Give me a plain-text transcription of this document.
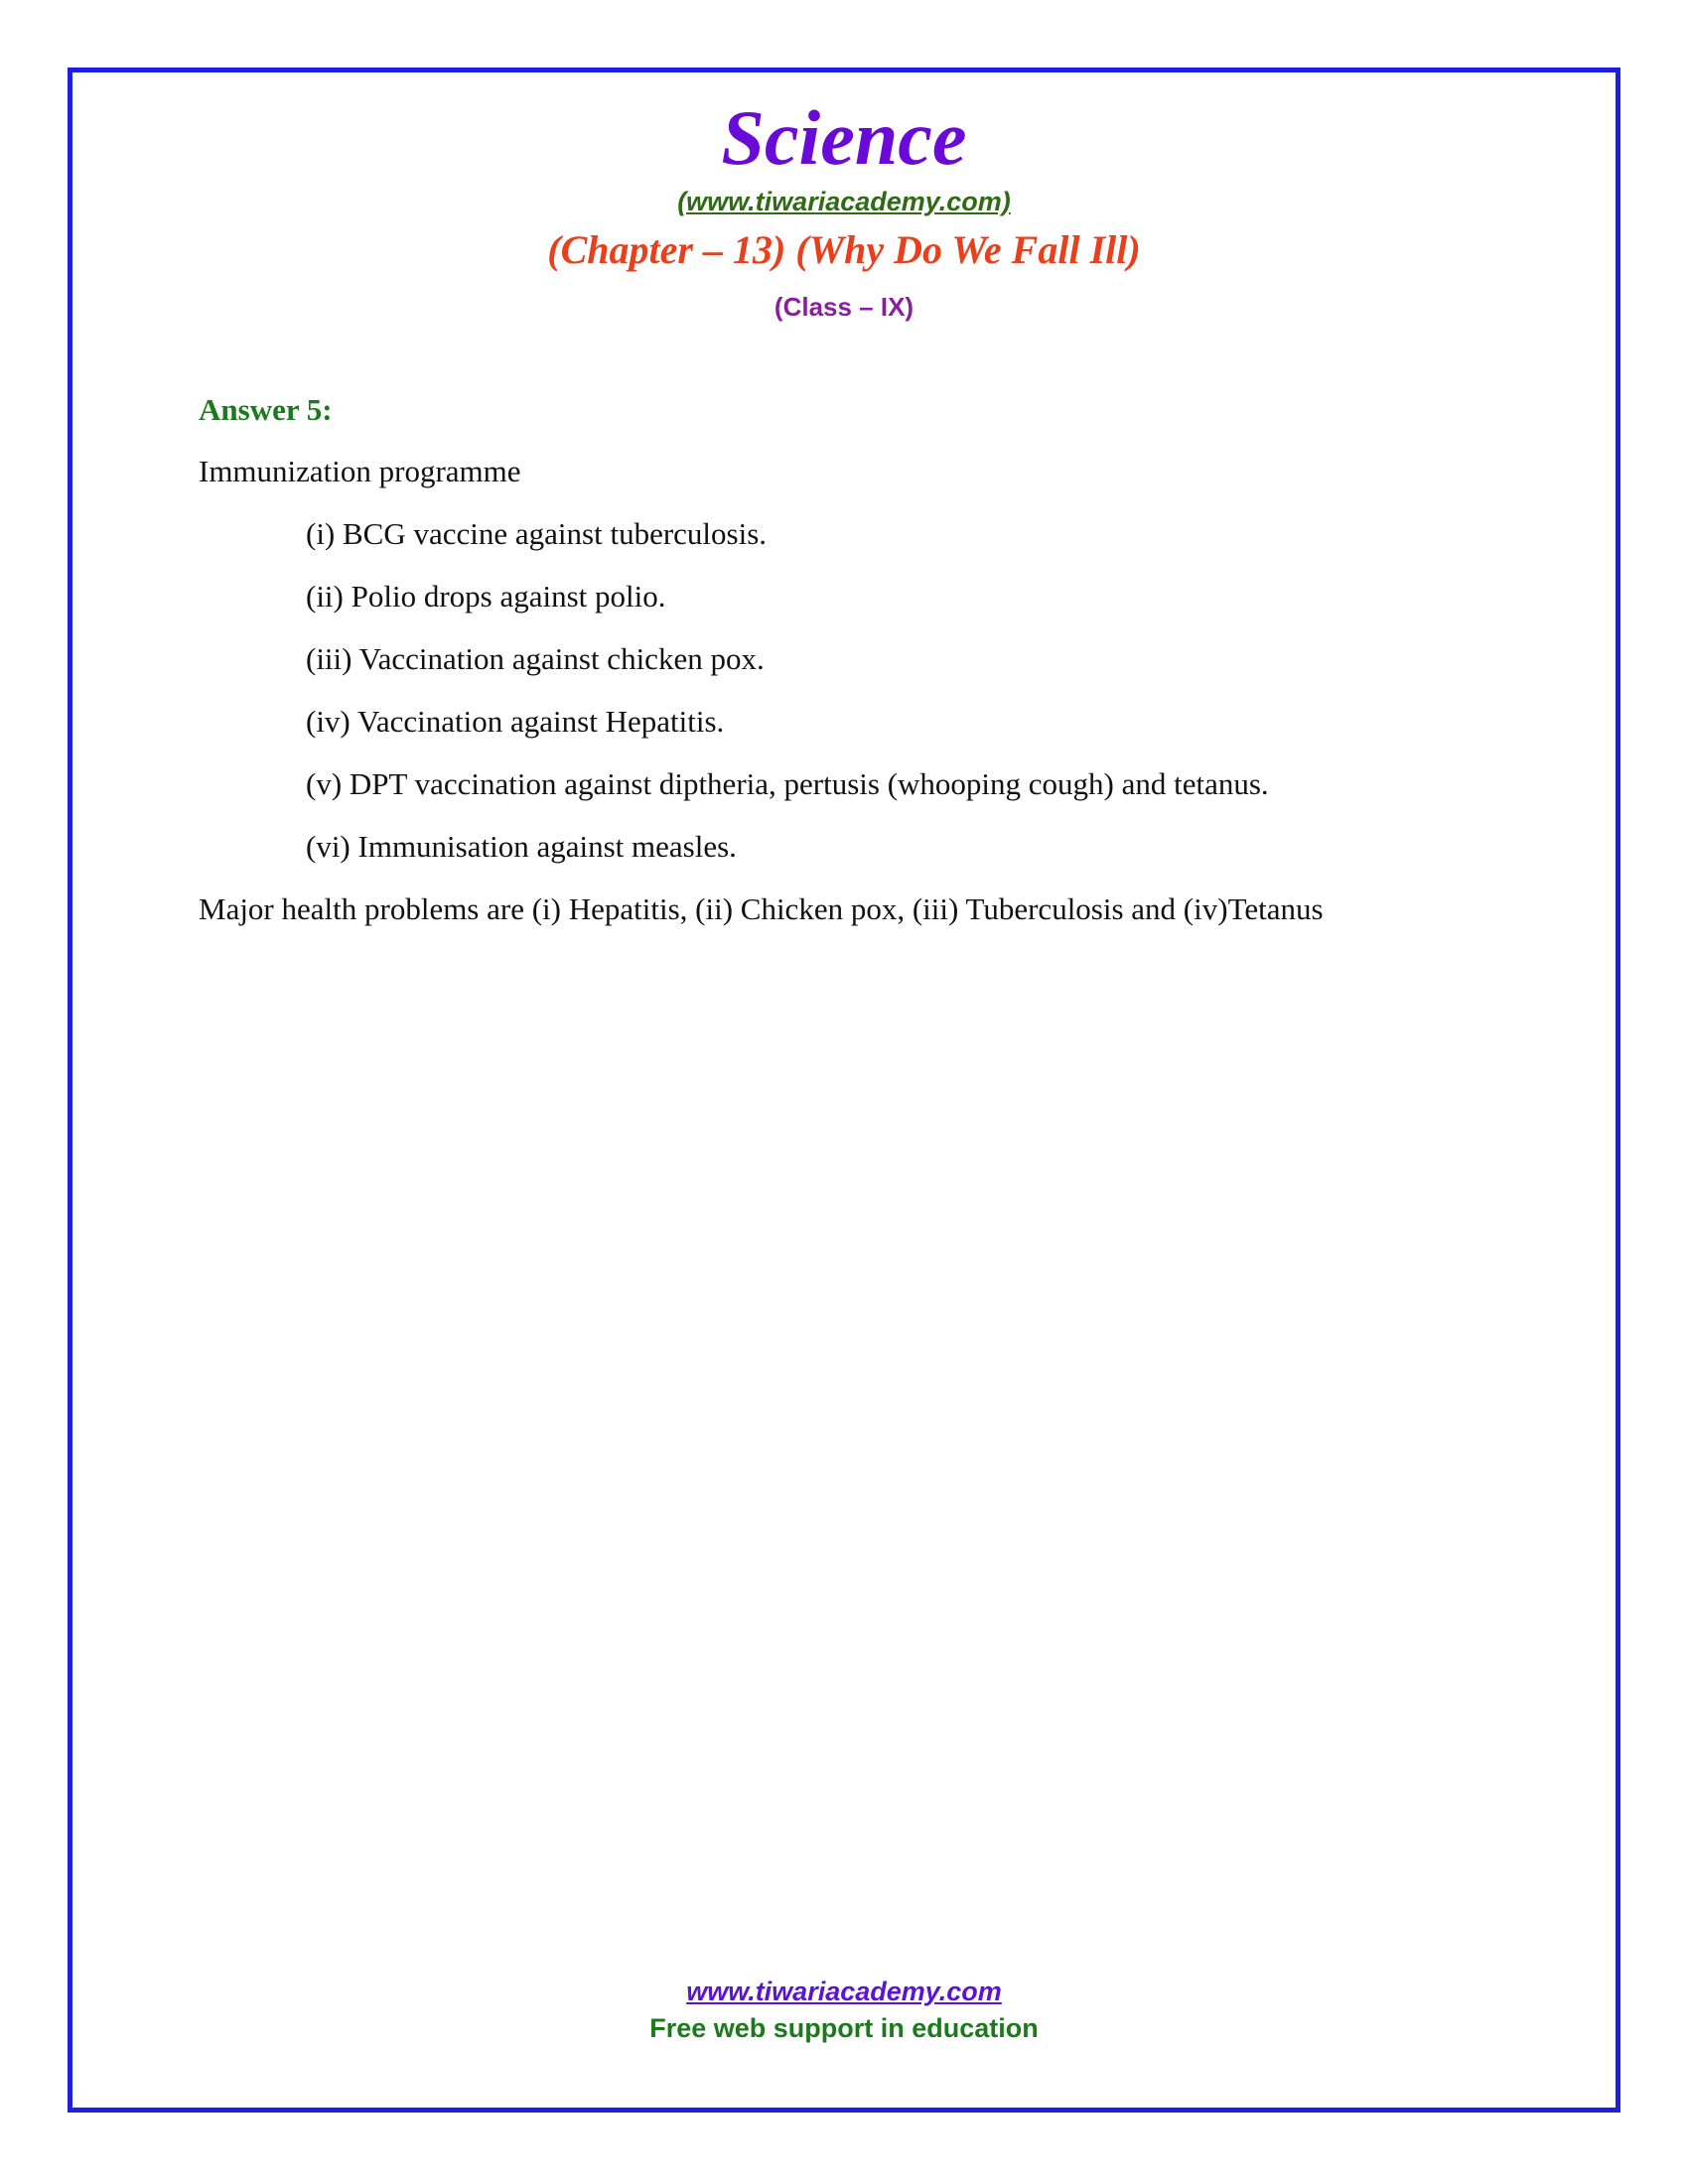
Science
(www.tiwariacademy.com)
(Chapter – 13) (Why Do We Fall Ill)
(Class – IX)
Answer 5:
Immunization programme
(i) BCG vaccine against tuberculosis.
(ii) Polio drops against polio.
(iii) Vaccination against chicken pox.
(iv) Vaccination against Hepatitis.
(v) DPT vaccination against diptheria, pertusis (whooping cough) and tetanus.
(vi) Immunisation against measles.
Major health problems are (i) Hepatitis, (ii) Chicken pox, (iii) Tuberculosis and (iv)Tetanus
www.tiwariacademy.com
Free web support in education
